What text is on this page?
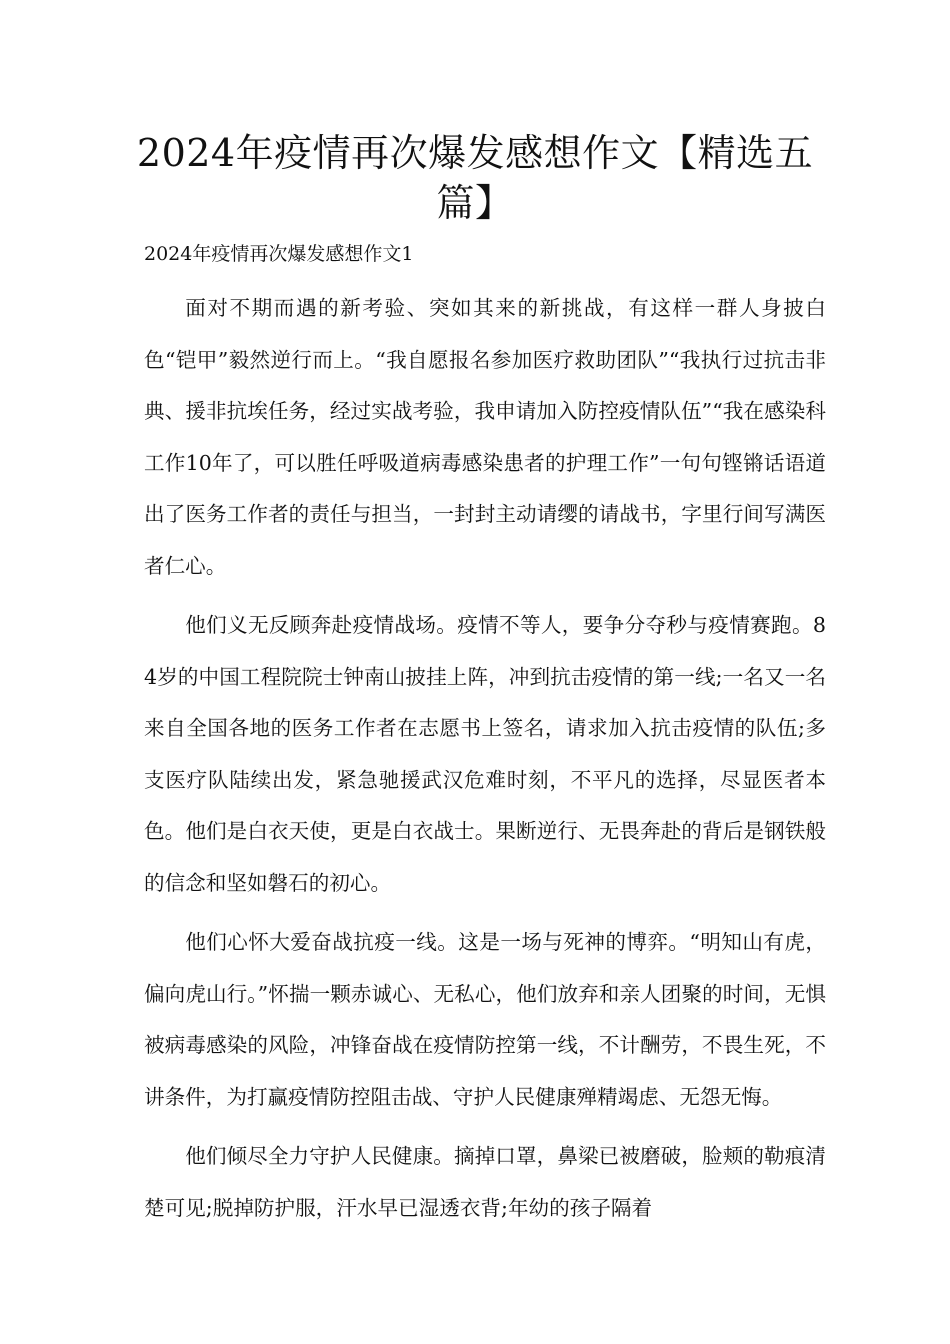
2024年疫情再次爆发感想作文【精选五篇】

2024年疫情再次爆发感想作文1

面对不期而遇的新考验、突如其来的新挑战，有这样一群人身披白色“铠甲”毅然逆行而上。“我自愿报名参加医疗救助团队”“我执行过抗击非典、援非抗埃任务，经过实战考验，我申请加入防控疫情队伍”“我在感染科工作10年了，可以胜任呼吸道病毒感染患者的护理工作”一句句铿锵话语道出了医务工作者的责任与担当，一封封主动请缨的请战书，字里行间写满医者仁心。

他们义无反顾奔赴疫情战场。疫情不等人，要争分夺秒与疫情赛跑。84岁的中国工程院院士钟南山披挂上阵，冲到抗击疫情的第一线;一名又一名来自全国各地的医务工作者在志愿书上签名，请求加入抗击疫情的队伍;多支医疗队陆续出发，紧急驰援武汉危难时刻，不平凡的选择，尽显医者本色。他们是白衣天使，更是白衣战士。果断逆行、无畏奔赴的背后是钢铁般的信念和坚如磐石的初心。

他们心怀大爱奋战抗疫一线。这是一场与死神的博弈。“明知山有虎，偏向虎山行。”怀揣一颗赤诚心、无私心，他们放弃和亲人团聚的时间，无惧被病毒感染的风险，冲锋奋战在疫情防控第一线，不计酬劳，不畏生死，不讲条件，为打赢疫情防控阻击战、守护人民健康殚精竭虑、无怨无悔。

他们倾尽全力守护人民健康。摘掉口罩，鼻梁已被磨破，脸颊的勒痕清楚可见;脱掉防护服，汗水早已湿透衣背;年幼的孩子隔着
